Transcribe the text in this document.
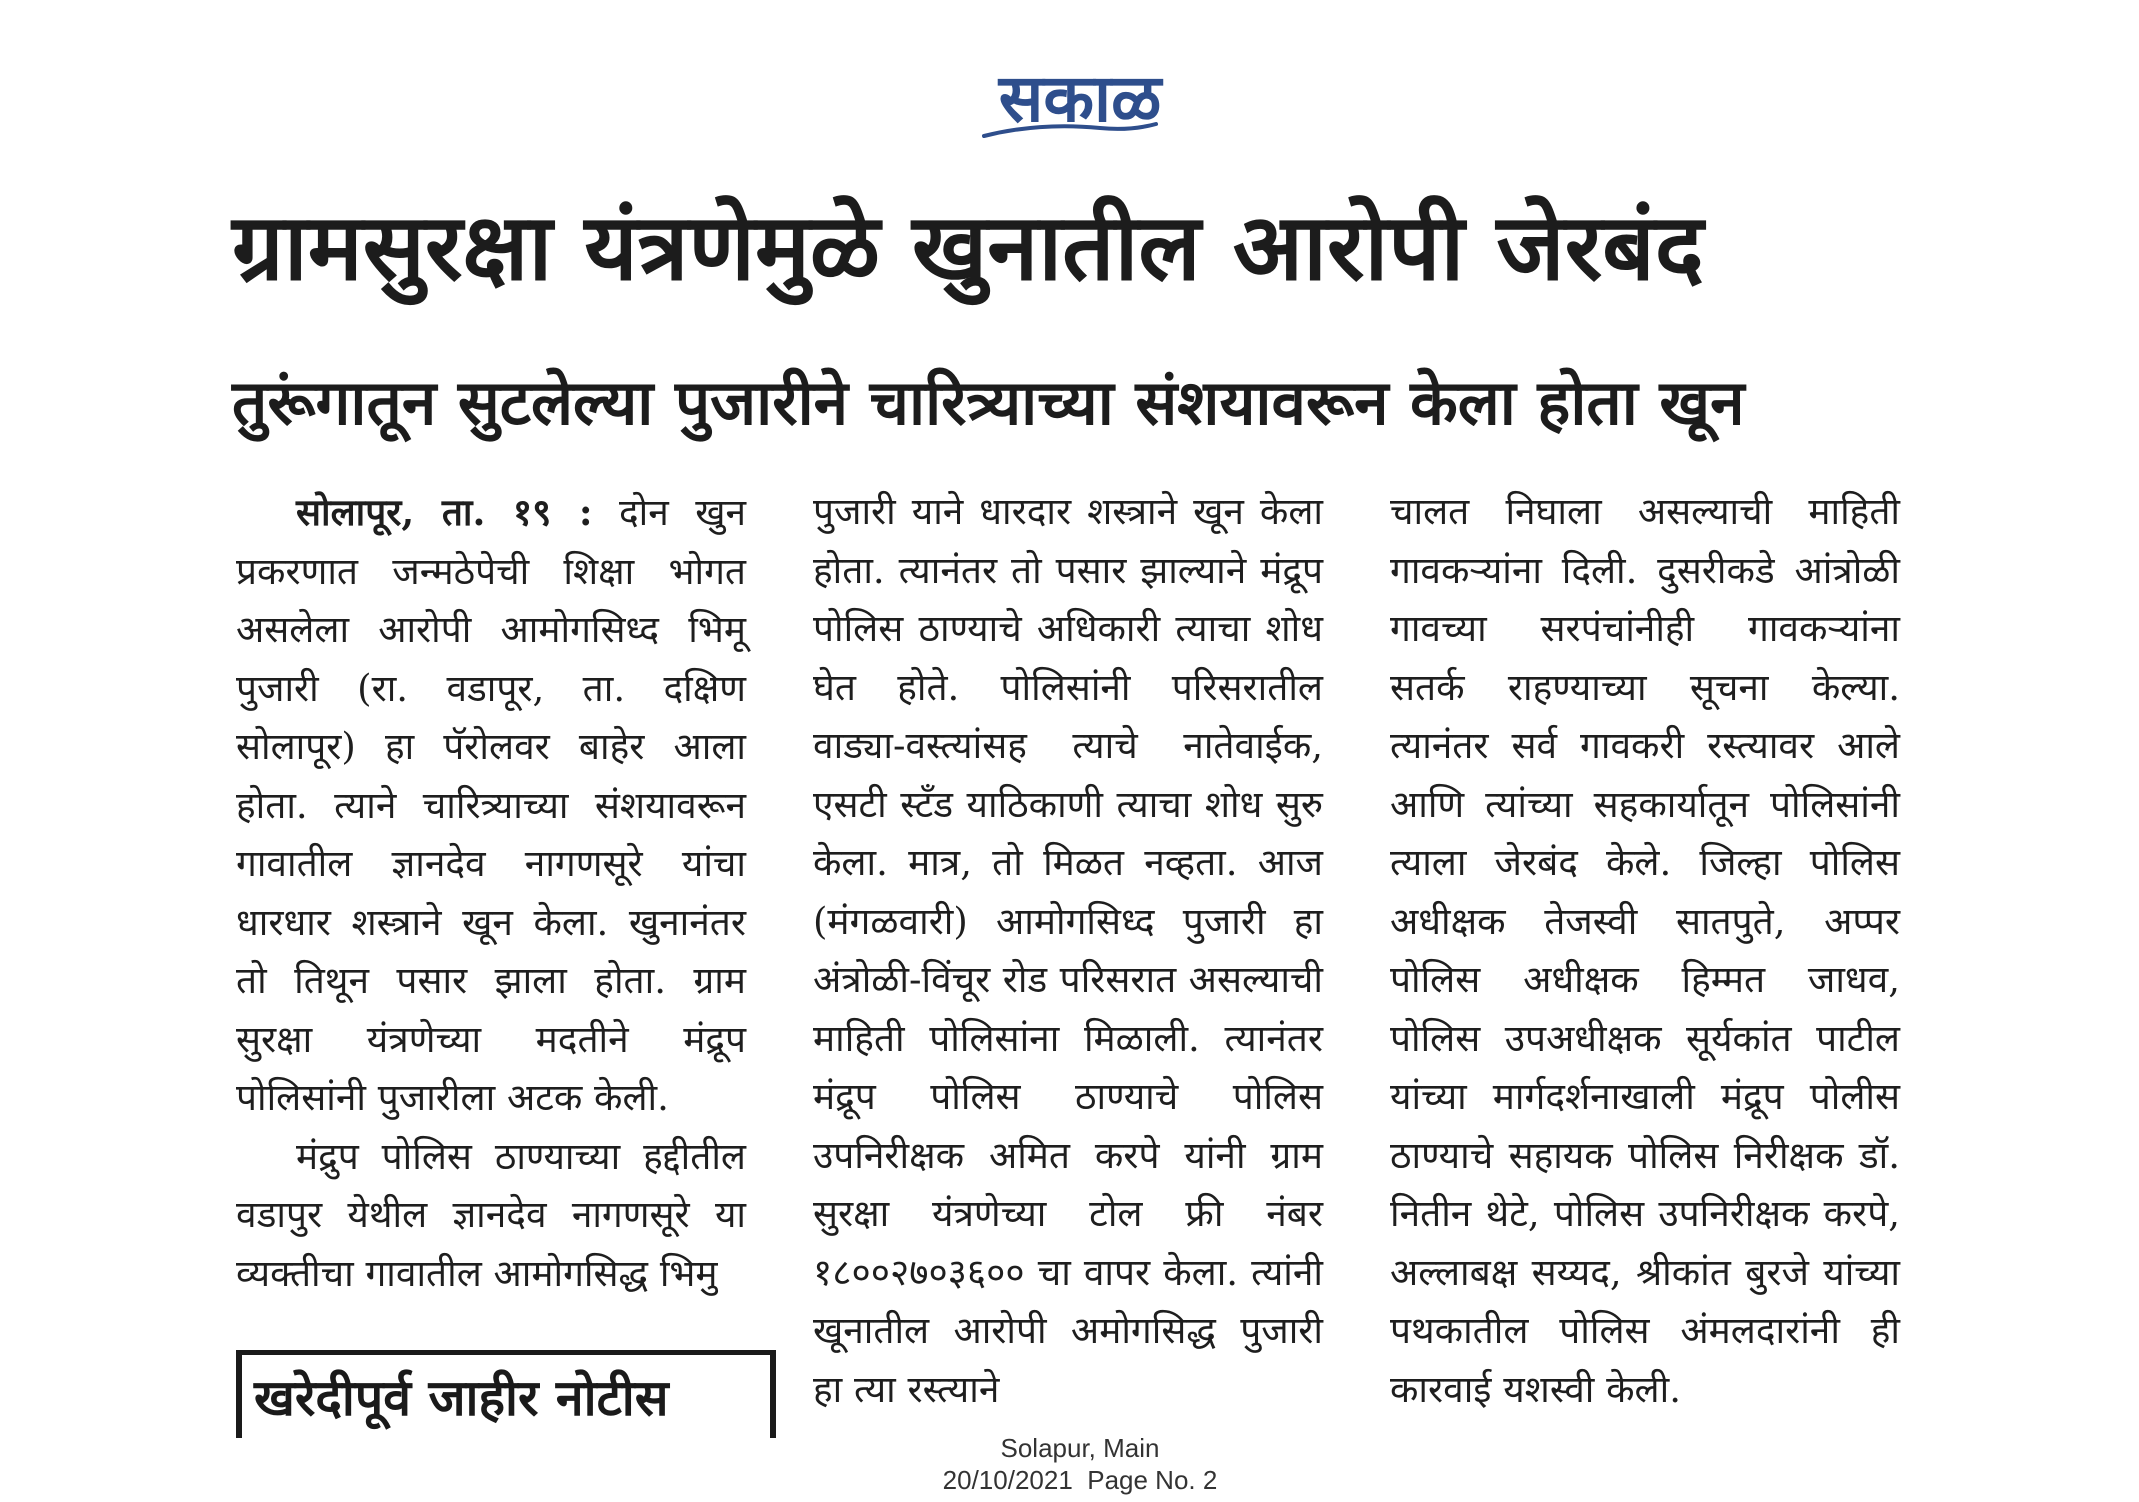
सकाळ
ग्रामसुरक्षा यंत्रणेमुळे खुनातील आरोपी जेरबंद
तुरूंगातून सुटलेल्या पुजारीने चारित्र्याच्या संशयावरून केला होता खून

सोलापूर, ता. १९ : दोन खुन प्रकरणात जन्मठेपेची शिक्षा भोगत असलेला आरोपी आमोगसिध्द भिमू पुजारी (रा. वडापूर, ता. दक्षिण सोलापूर) हा पॅरोलवर बाहेर आला होता. त्याने चारित्र्याच्या संशयावरून गावातील ज्ञानदेव नागणसूरे यांचा धारधार शस्त्राने खून केला. खुनानंतर तो तिथून पसार झाला होता. ग्राम सुरक्षा यंत्रणेच्या मदतीने मंद्रूप पोलिसांनी पुजारीला अटक केली.

मंद्रुप पोलिस ठाण्याच्या हद्दीतील वडापुर येथील ज्ञानदेव नागणसूरे या व्यक्तीचा गावातील आमोगसिद्ध भिमु

पुजारी याने धारदार शस्त्राने खून केला होता. त्यानंतर तो पसार झाल्याने मंद्रूप पोलिस ठाण्याचे अधिकारी त्याचा शोध घेत होते. पोलिसांनी परिसरातील वाड्या-वस्त्यांसह त्याचे नातेवाईक, एसटी स्टँड याठिकाणी त्याचा शोध सुरु केला. मात्र, तो मिळत नव्हता. आज (मंगळवारी) आमोगसिध्द पुजारी हा अंत्रोळी-विंचूर रोड परिसरात असल्याची माहिती पोलिसांना मिळाली. त्यानंतर मंद्रूप पोलिस ठाण्याचे पोलिस उपनिरीक्षक अमित करपे यांनी ग्राम सुरक्षा यंत्रणेच्या टोल फ्री नंबर १८००२७०३६०० चा वापर केला. त्यांनी खूनातील आरोपी अमोगसिद्ध पुजारी हा त्या रस्त्याने

चालत निघाला असल्याची माहिती गावकऱ्यांना दिली. दुसरीकडे आंत्रोळी गावच्या सरपंचांनीही गावकऱ्यांना सतर्क राहण्याच्या सूचना केल्या. त्यानंतर सर्व गावकरी रस्त्यावर आले आणि त्यांच्या सहकार्यातून पोलिसांनी त्याला जेरबंद केले. जिल्हा पोलिस अधीक्षक तेजस्वी सातपुते, अप्पर पोलिस अधीक्षक हिम्मत जाधव, पोलिस उपअधीक्षक सूर्यकांत पाटील यांच्या मार्गदर्शनाखाली मंद्रूप पोलीस ठाण्याचे सहायक पोलिस निरीक्षक डॉ. नितीन थेटे, पोलिस उपनिरीक्षक करपे, अल्लाबक्ष सय्यद, श्रीकांत बुरजे यांच्या पथकातील पोलिस अंमलदारांनी ही कारवाई यशस्वी केली.

खरेदीपूर्व जाहीर नोटीस
Solapur, Main
20/10/2021  Page No. 2
